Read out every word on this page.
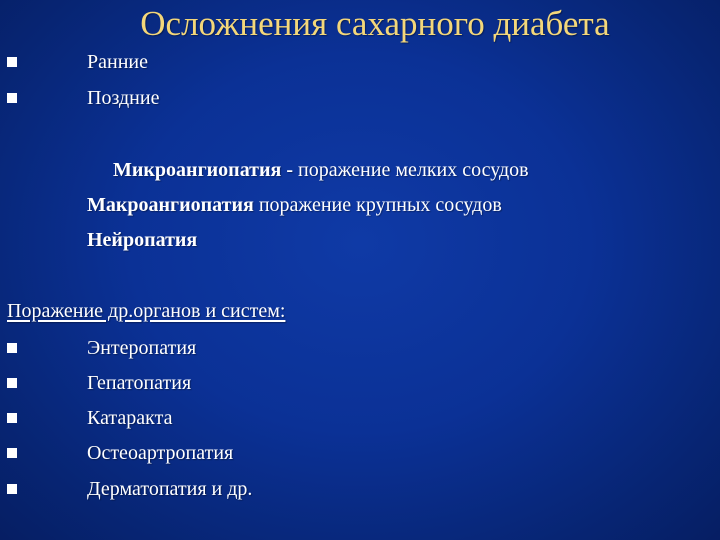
Осложнения сахарного диабета
Ранние
Поздние
Микроангиопатия - поражение мелких сосудов
Макроангиопатия поражение крупных сосудов
Нейропатия
Поражение др.органов и систем:
Энтеропатия
Гепатопатия
Катаракта
Остеоартропатия
Дерматопатия и др.
